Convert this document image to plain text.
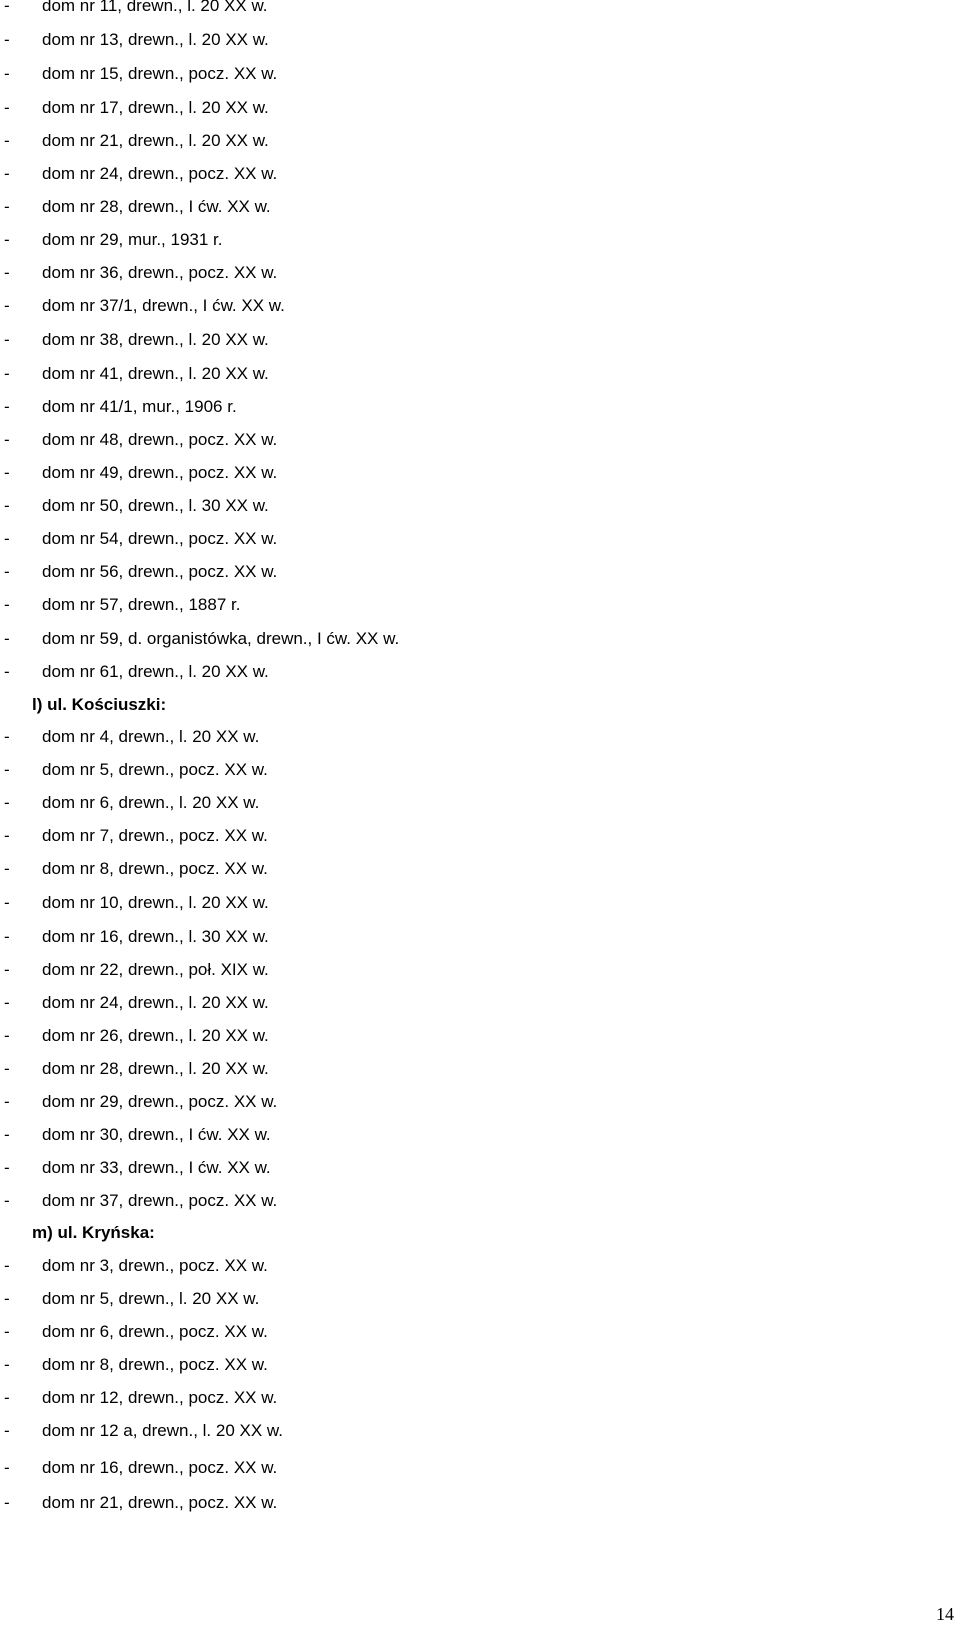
- dom nr 11, drewn., l. 20 XX w.
- dom nr 13, drewn., l. 20 XX w.
- dom nr 15, drewn., pocz. XX w.
- dom nr 17, drewn., l. 20 XX w.
- dom nr 21, drewn., l. 20 XX w.
- dom nr 24, drewn., pocz. XX w.
- dom nr 28, drewn., I ćw. XX w.
- dom nr 29, mur., 1931 r.
- dom nr 36, drewn., pocz. XX w.
- dom nr 37/1, drewn., I ćw. XX w.
- dom nr 38, drewn., l. 20 XX w.
- dom nr 41, drewn., l. 20 XX w.
- dom nr 41/1, mur., 1906 r.
- dom nr 48, drewn., pocz. XX w.
- dom nr 49, drewn., pocz. XX w.
- dom nr 50, drewn., l. 30 XX w.
- dom nr 54, drewn., pocz. XX w.
- dom nr 56, drewn., pocz. XX w.
- dom nr 57, drewn., 1887 r.
- dom nr 59, d. organistówka, drewn., I ćw. XX w.
- dom nr 61, drewn., l. 20 XX w.
l) ul. Kościuszki:
- dom nr 4, drewn., l. 20 XX w.
- dom nr 5, drewn., pocz. XX w.
- dom nr 6, drewn., l. 20 XX w.
- dom nr 7, drewn., pocz. XX w.
- dom nr 8, drewn., pocz. XX w.
- dom nr 10, drewn., l. 20 XX w.
- dom nr 16, drewn., l. 30 XX w.
- dom nr 22, drewn., poł. XIX w.
- dom nr 24, drewn., l. 20 XX w.
- dom nr 26, drewn., l. 20 XX w.
- dom nr 28, drewn., l. 20 XX w.
- dom nr 29, drewn., pocz. XX w.
- dom nr 30, drewn., I ćw. XX w.
- dom nr 33, drewn., I ćw. XX w.
- dom nr 37, drewn., pocz. XX w.
m) ul. Kryńska:
- dom nr 3, drewn., pocz. XX w.
- dom nr 5, drewn., l. 20 XX w.
- dom nr 6, drewn., pocz. XX w.
- dom nr 8, drewn., pocz. XX w.
- dom nr 12, drewn., pocz. XX w.
- dom nr 12 a, drewn., l. 20 XX w.
- dom nr 16, drewn., pocz. XX w.
- dom nr 21, drewn., pocz. XX w.
14
